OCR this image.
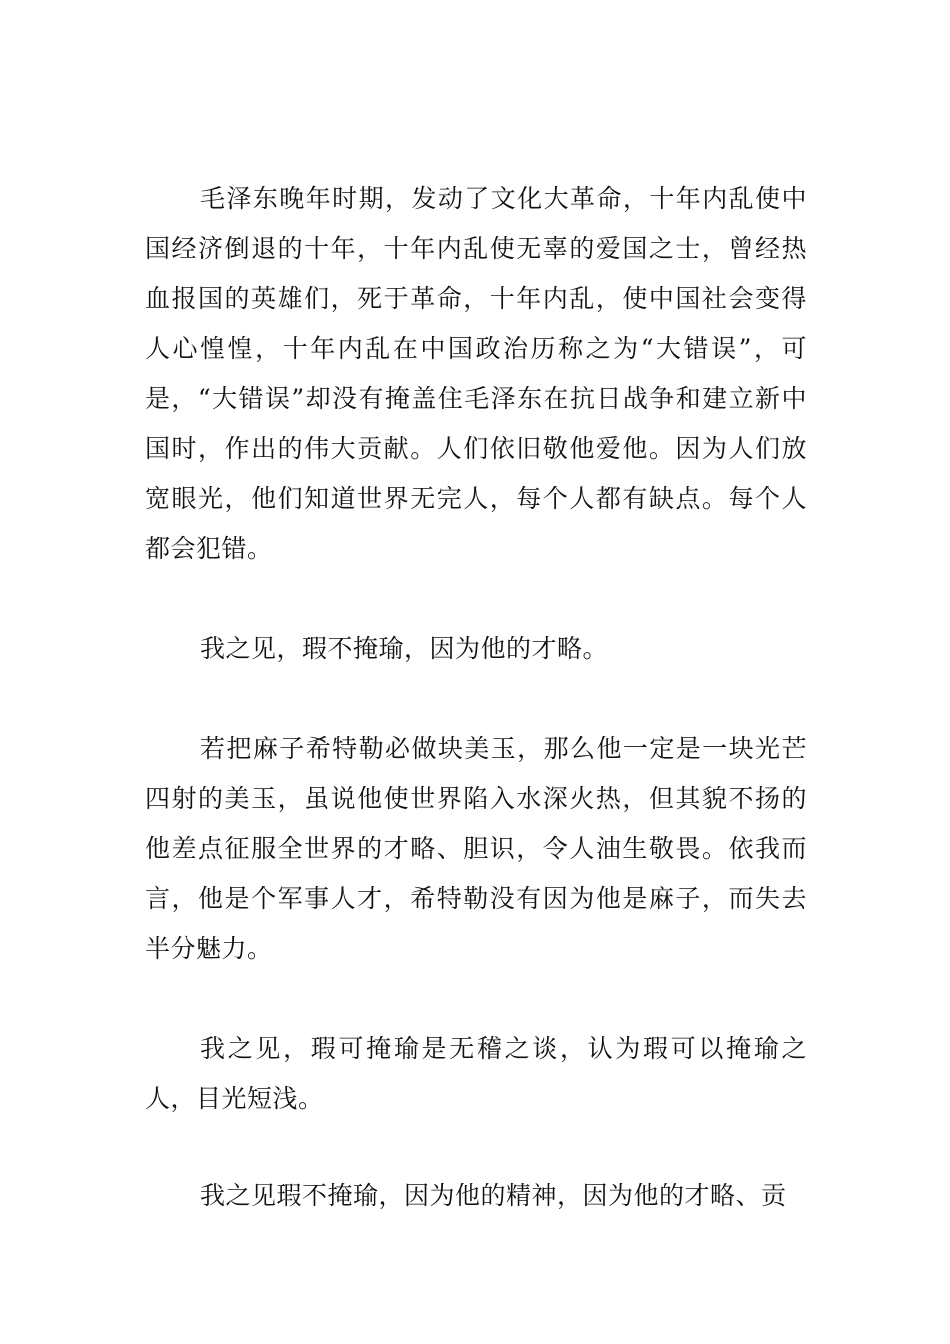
毛泽东晚年时期，发动了文化大革命，十年内乱使中国经济倒退的十年，十年内乱使无辜的爱国之士，曾经热血报国的英雄们，死于革命，十年内乱，使中国社会变得人心惶惶，十年内乱在中国政治历称之为“大错误”，可是，“大错误”却没有掩盖住毛泽东在抗日战争和建立新中国时，作出的伟大贡献。人们依旧敬他爱他。因为人们放宽眼光，他们知道世界无完人，每个人都有缺点。每个人都会犯错。

我之见，瑕不掩瑜，因为他的才略。

若把麻子希特勒必做块美玉，那么他一定是一块光芒四射的美玉，虽说他使世界陷入水深火热，但其貌不扬的他差点征服全世界的才略、胆识，令人油生敬畏。依我而言，他是个军事人才，希特勒没有因为他是麻子，而失去半分魅力。

我之见，瑕可掩瑜是无稽之谈，认为瑕可以掩瑜之人，目光短浅。

我之见瑕不掩瑜，因为他的精神，因为他的才略、贡
